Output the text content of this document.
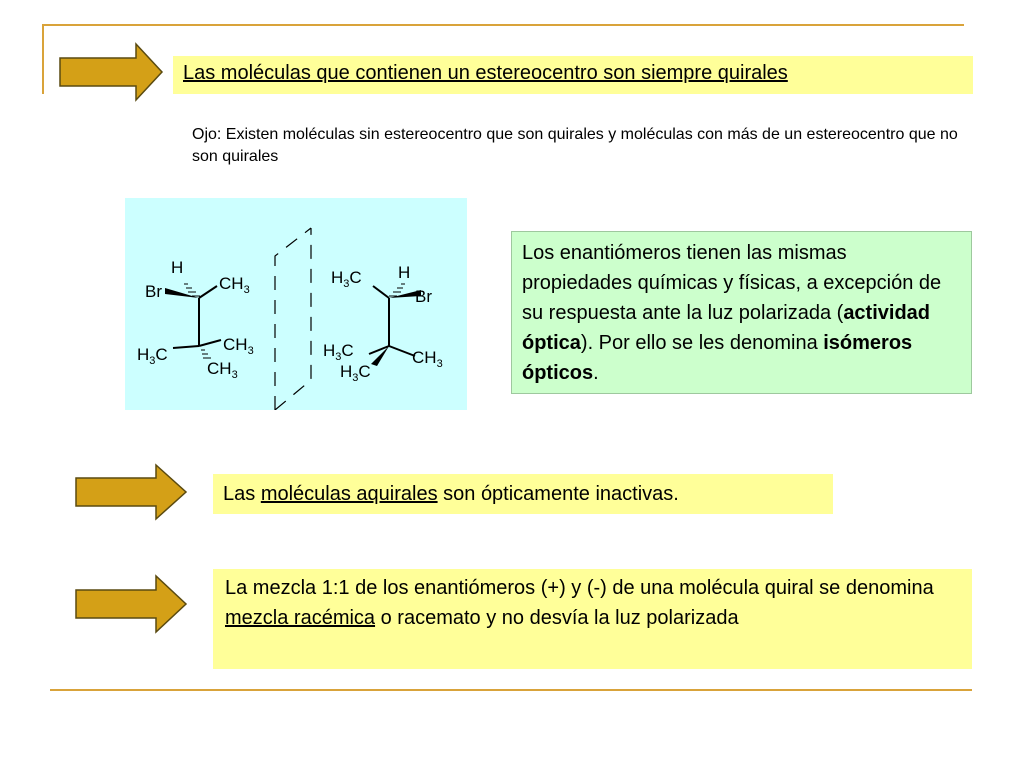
Las moléculas que contienen un estereocentro son siempre quirales
Ojo: Existen moléculas sin estereocentro que son quirales y moléculas con más de un estereocentro que no son quirales
H
Br	$CH_3$
$H_3C$
$CH_3$
$CH_3$
$H_3C$ H
Br
$H_3C$
$H_3C$
$CH_3$
Los enantiómeros tienen las mismas propiedades químicas y físicas, a excepción de su respuesta ante la luz polarizada (actividad óptica). Por ello se les denomina isómeros ópticos.
Las moléculas aquirales son ópticamente inactivas.
La mezcla 1:1 de los enantiómeros (+) y (-) de una molécula quiral se denomina mezcla racémica o racemato y no desvía la luz polarizada
